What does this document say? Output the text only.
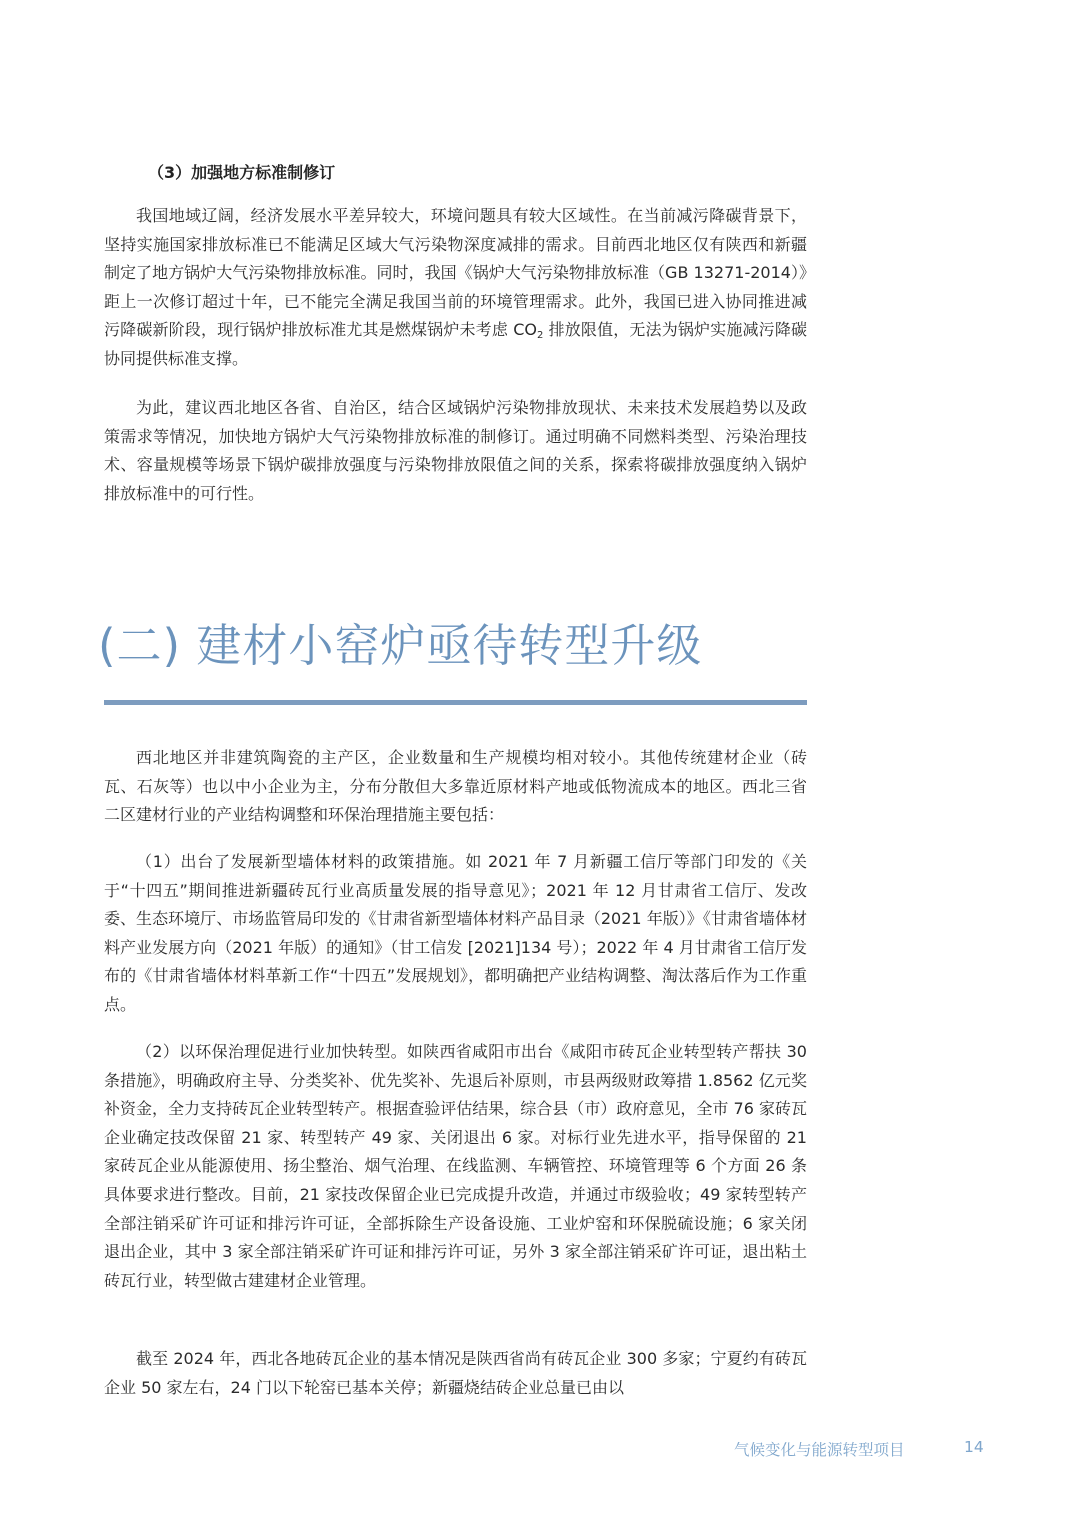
（3）加强地方标准制修订

我国地域辽阔，经济发展水平差异较大，环境问题具有较大区域性。在当前减污降碳背景下，坚持实施国家排放标准已不能满足区域大气污染物深度减排的需求。目前西北地区仅有陕西和新疆制定了地方锅炉大气污染物排放标准。同时，我国《锅炉大气污染物排放标准（GB 13271-2014）》距上一次修订超过十年，已不能完全满足我国当前的环境管理需求。此外，我国已进入协同推进减污降碳新阶段，现行锅炉排放标准尤其是燃煤锅炉未考虑 $CO_2$ 排放限值，无法为锅炉实施减污降碳协同提供标准支撑。

为此，建议西北地区各省、自治区，结合区域锅炉污染物排放现状、未来技术发展趋势以及政策需求等情况，加快地方锅炉大气污染物排放标准的制修订。通过明确不同燃料类型、污染治理技术、容量规模等场景下锅炉碳排放强度与污染物排放限值之间的关系，探索将碳排放强度纳入锅炉排放标准中的可行性。

(二) 建材小窑炉亟待转型升级

西北地区并非建筑陶瓷的主产区，企业数量和生产规模均相对较小。其他传统建材企业（砖瓦、石灰等）也以中小企业为主，分布分散但大多靠近原材料产地或低物流成本的地区。西北三省二区建材行业的产业结构调整和环保治理措施主要包括：

（1）出台了发展新型墙体材料的政策措施。如 2021 年 7 月新疆工信厅等部门印发的《关于“十四五”期间推进新疆砖瓦行业高质量发展的指导意见》；2021 年 12 月甘肃省工信厅、发改委、生态环境厅、市场监管局印发的《甘肃省新型墙体材料产品目录（2021 年版）》《甘肃省墙体材料产业发展方向（2021 年版）的通知》（甘工信发 [2021]134 号）；2022 年 4 月甘肃省工信厅发布的《甘肃省墙体材料革新工作“十四五”发展规划》，都明确把产业结构调整、淘汰落后作为工作重点。

（2）以环保治理促进行业加快转型。如陕西省咸阳市出台《咸阳市砖瓦企业转型转产帮扶 30 条措施》，明确政府主导、分类奖补、优先奖补、先退后补原则，市县两级财政筹措 1.8562 亿元奖补资金，全力支持砖瓦企业转型转产。根据查验评估结果，综合县（市）政府意见，全市 76 家砖瓦企业确定技改保留 21 家、转型转产 49 家、关闭退出 6 家。对标行业先进水平，指导保留的 21 家砖瓦企业从能源使用、扬尘整治、烟气治理、在线监测、车辆管控、环境管理等 6 个方面 26 条具体要求进行整改。目前，21 家技改保留企业已完成提升改造，并通过市级验收；49 家转型转产全部注销采矿许可证和排污许可证，全部拆除生产设备设施、工业炉窑和环保脱硫设施；6 家关闭退出企业，其中 3 家全部注销采矿许可证和排污许可证，另外 3 家全部注销采矿许可证，退出粘土砖瓦行业，转型做古建建材企业管理。

截至 2024 年，西北各地砖瓦企业的基本情况是陕西省尚有砖瓦企业 300 多家；宁夏约有砖瓦企业 50 家左右，24 门以下轮窑已基本关停；新疆烧结砖企业总量已由以

气候变化与能源转型项目	14
